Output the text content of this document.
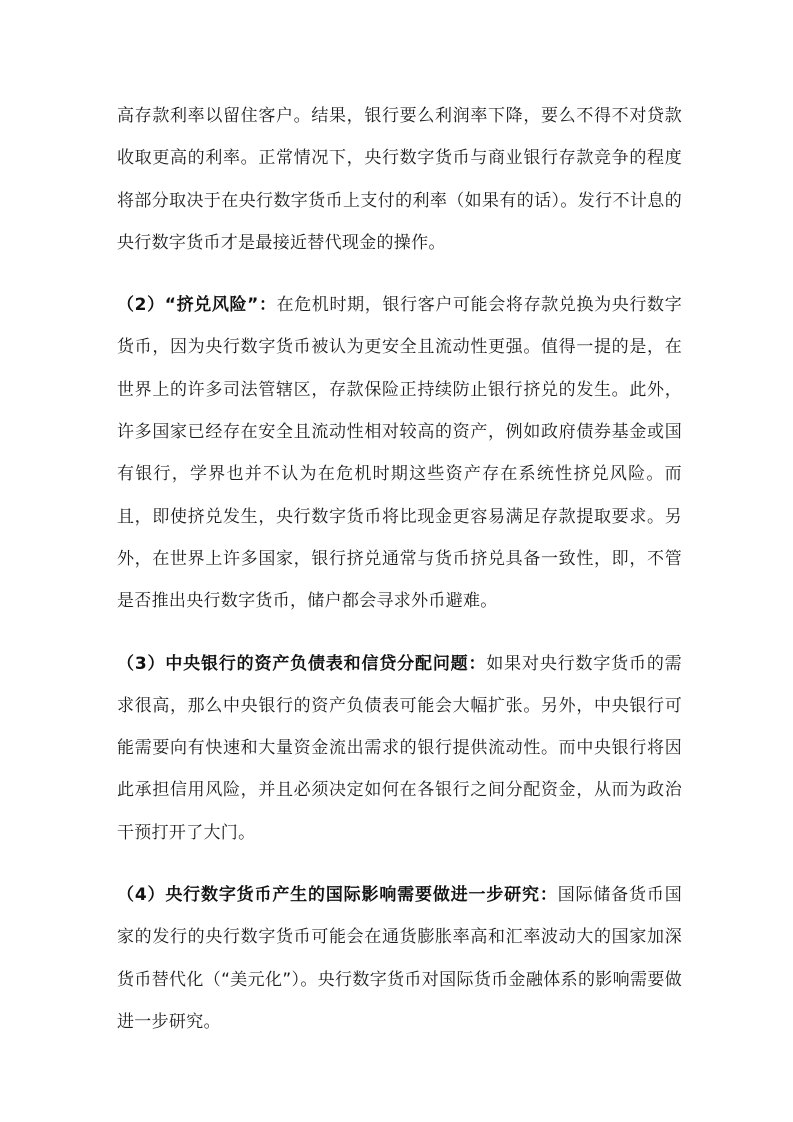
高存款利率以留住客户。结果，银行要么利润率下降，要么不得不对贷款收取更高的利率。正常情况下，央行数字货币与商业银行存款竞争的程度将部分取决于在央行数字货币上支付的利率（如果有的话）。发行不计息的央行数字货币才是最接近替代现金的操作。

（2）“挤兑风险”：在危机时期，银行客户可能会将存款兑换为央行数字货币，因为央行数字货币被认为更安全且流动性更强。值得一提的是，在世界上的许多司法管辖区，存款保险正持续防止银行挤兑的发生。此外，许多国家已经存在安全且流动性相对较高的资产，例如政府债券基金或国有银行，学界也并不认为在危机时期这些资产存在系统性挤兑风险。而且，即使挤兑发生，央行数字货币将比现金更容易满足存款提取要求。另外，在世界上许多国家，银行挤兑通常与货币挤兑具备一致性，即，不管是否推出央行数字货币，储户都会寻求外币避难。

（3）中央银行的资产负债表和信贷分配问题：如果对央行数字货币的需求很高，那么中央银行的资产负债表可能会大幅扩张。另外，中央银行可能需要向有快速和大量资金流出需求的银行提供流动性。而中央银行将因此承担信用风险，并且必须决定如何在各银行之间分配资金，从而为政治干预打开了大门。

（4）央行数字货币产生的国际影响需要做进一步研究：国际储备货币国家的发行的央行数字货币可能会在通货膨胀率高和汇率波动大的国家加深货币替代化（“美元化”）。央行数字货币对国际货币金融体系的影响需要做进一步研究。
